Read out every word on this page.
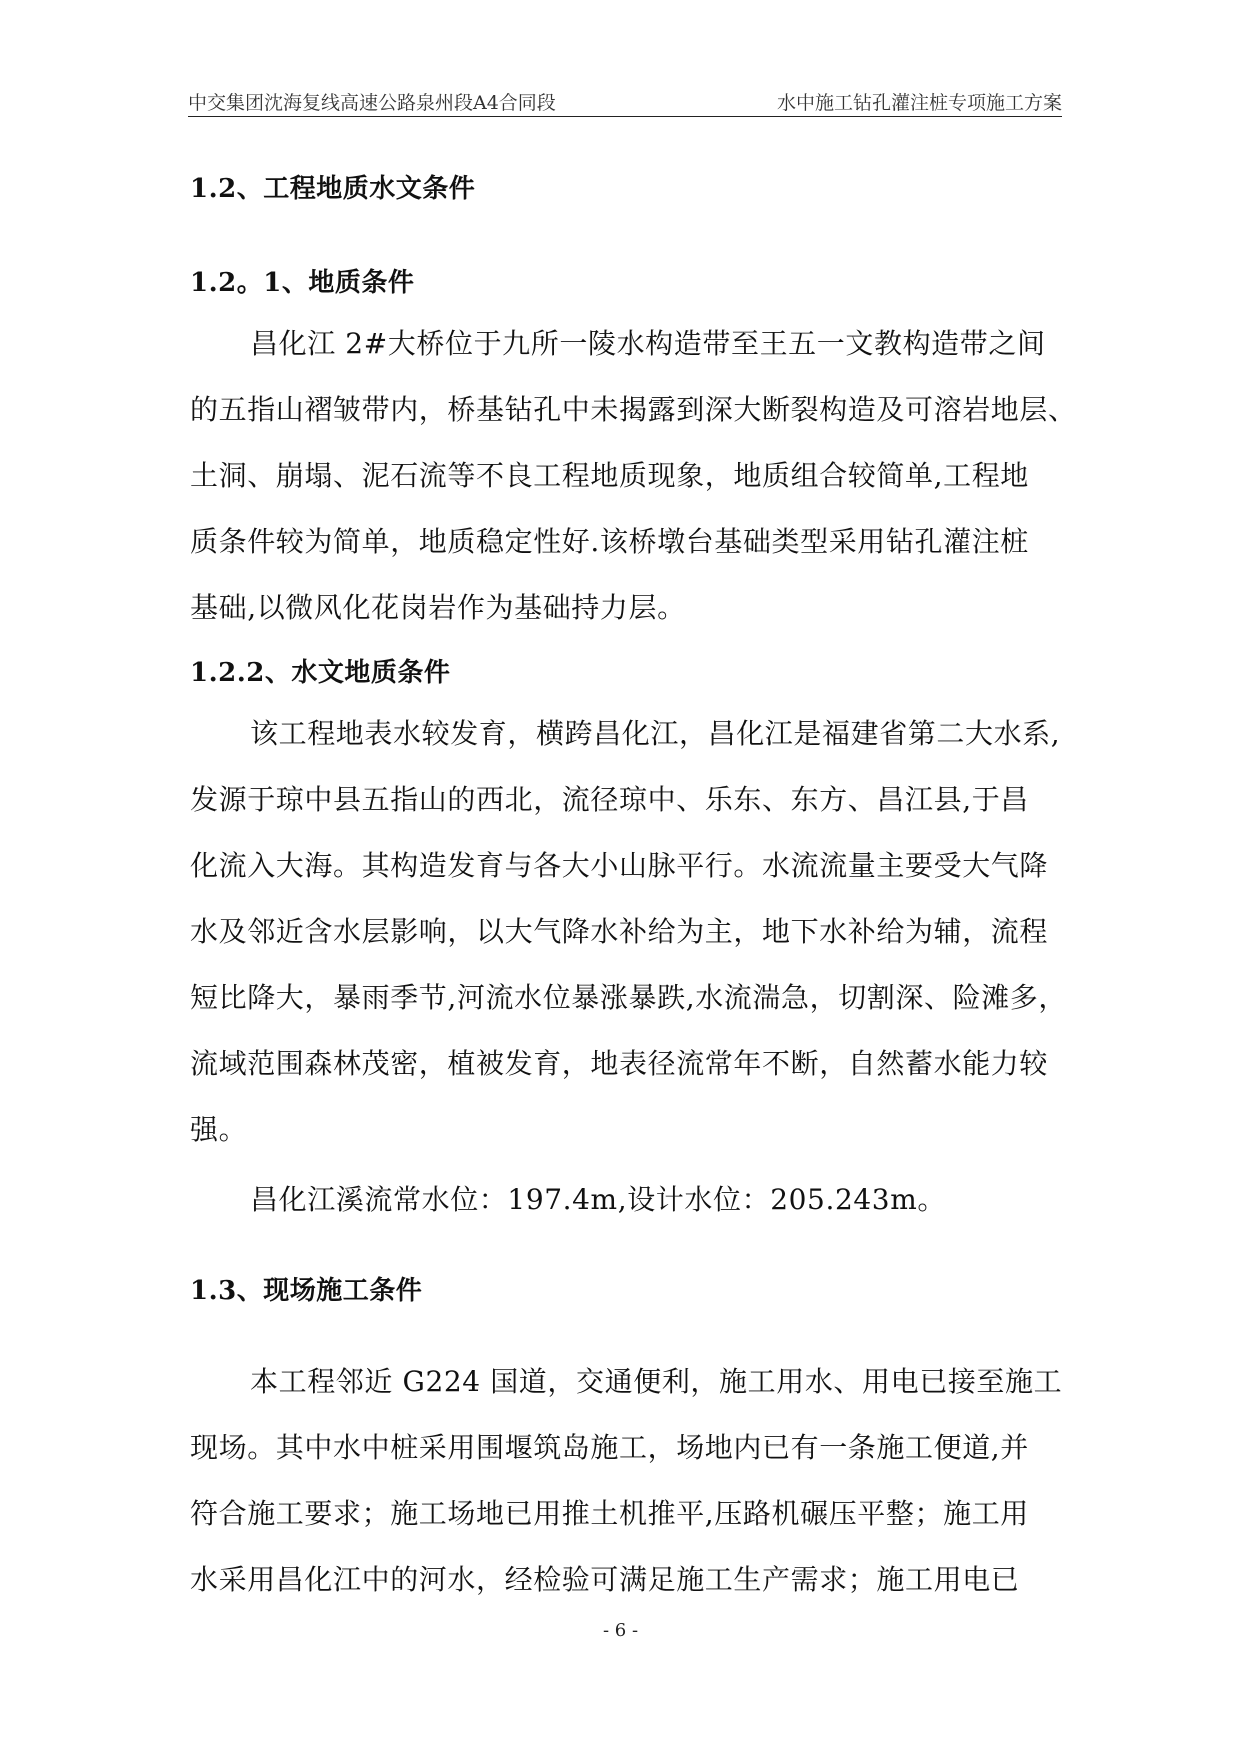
中交集团沈海复线高速公路泉州段A4合同段	水中施工钻孔灌注桩专项施工方案
1.2、工程地质水文条件
1.2。1、地质条件
昌化江 2#大桥位于九所一陵水构造带至王五一文教构造带之间
的五指山褶皱带内，桥基钻孔中未揭露到深大断裂构造及可溶岩地层、
土洞、崩塌、泥石流等不良工程地质现象，地质组合较简单,工程地
质条件较为简单，地质稳定性好.该桥墩台基础类型采用钻孔灌注桩
基础,以微风化花岗岩作为基础持力层。
1.2.2、水文地质条件
该工程地表水较发育，横跨昌化江，昌化江是福建省第二大水系,
发源于琼中县五指山的西北，流径琼中、乐东、东方、昌江县,于昌
化流入大海。其构造发育与各大小山脉平行。水流流量主要受大气降
水及邻近含水层影响，以大气降水补给为主，地下水补给为辅，流程
短比降大，暴雨季节,河流水位暴涨暴跌,水流湍急，切割深、险滩多，
流域范围森林茂密，植被发育，地表径流常年不断，自然蓄水能力较
强。
昌化江溪流常水位：197.4m,设计水位：205.243m。
1.3、现场施工条件
本工程邻近 G224 国道，交通便利，施工用水、用电已接至施工
现场。其中水中桩采用围堰筑岛施工，场地内已有一条施工便道,并
符合施工要求；施工场地已用推土机推平,压路机碾压平整；施工用
水采用昌化江中的河水，经检验可满足施工生产需求；施工用电已
- 6 -
